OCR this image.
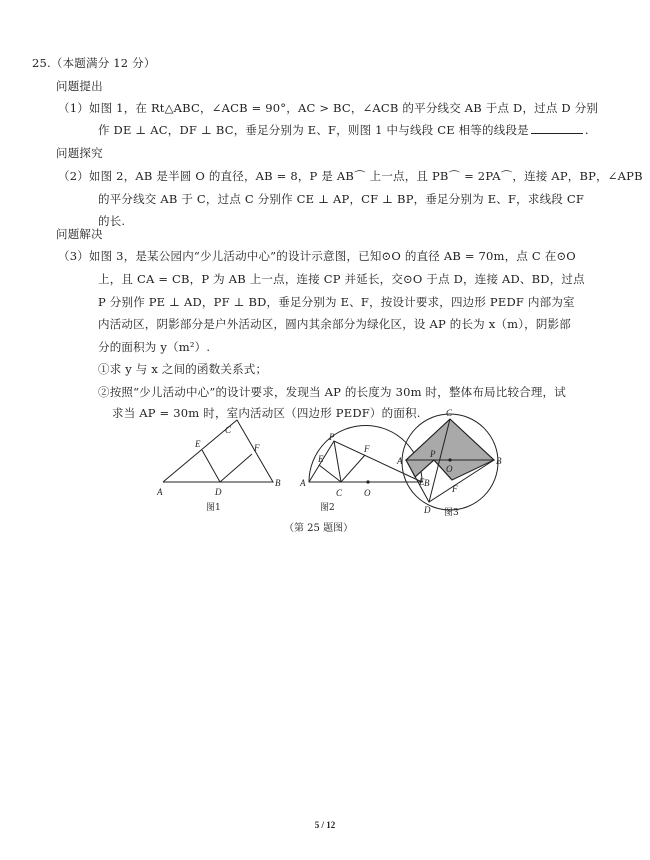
25.（本题满分 12 分）
问题提出
（1）如图 1，在 Rt△ABC，∠ACB = 90°，AC > BC，∠ACB 的平分线交 AB 于点 D，过点 D 分别
作 DE ⊥ AC，DF ⊥ BC，垂足分别为 E、F，则图 1 中与线段 CE 相等的线段是	.
问题探究
（2）如图 2，AB 是半圆 O 的直径，AB = 8，P 是 AB⌒ 上一点，且 PB⌒ = 2PA⌒，连接 AP，BP，∠APB
的平分线交 AB 于 C，过点 C 分别作 CE ⊥ AP，CF ⊥ BP，垂足分别为 E、F，求线段 CF
的长.
问题解决
（3）如图 3，是某公园内“少儿活动中心”的设计示意图，已知⊙O 的直径 AB = 70m，点 C 在⊙O
上，且 CA = CB，P 为 AB 上一点，连接 CP 并延长，交⊙O 于点 D，连接 AD、BD，过点
P 分别作 PE ⊥ AD，PF ⊥ BD，垂足分别为 E、F，按设计要求，四边形 PEDF 内部为室
内活动区，阴影部分是户外活动区，圆内其余部分为绿化区，设 AP 的长为 x（m），阴影部
分的面积为 y（m²）.
①求 y 与 x 之间的函数关系式；
②按照“少儿活动中心”的设计要求，发现当 AP 的长度为 30m 时，整体布局比较合理，试
求当 AP = 30m 时，室内活动区（四边形 PEDF）的面积.
A
B
C
D
E	F
A	B
C O
P
E
F
A	B
C
D
O
P
E
F
图1	图2	图3
（第 25 题图）
5 / 12
